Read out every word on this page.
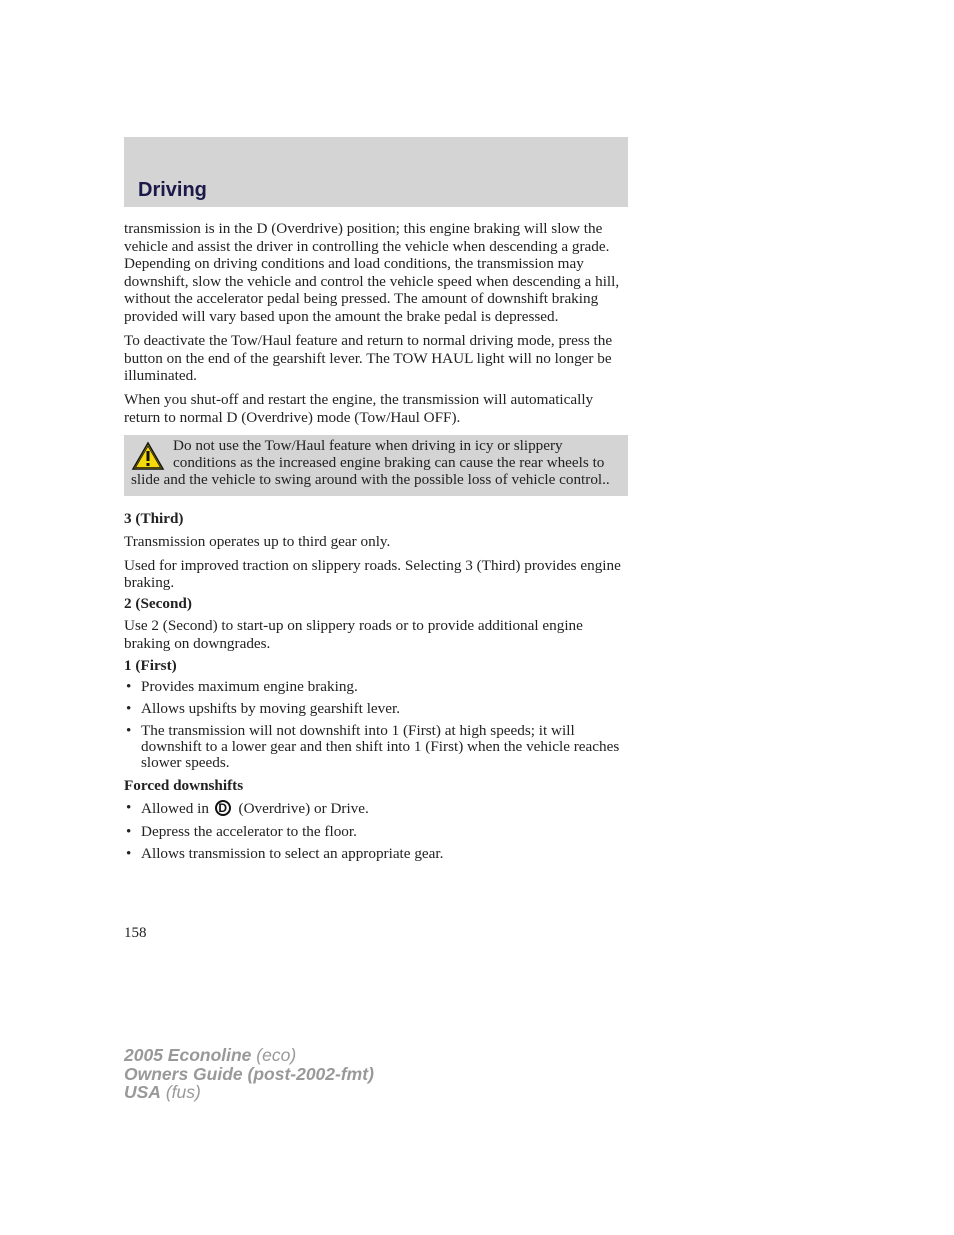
Driving

transmission is in the D (Overdrive) position; this engine braking will slow the vehicle and assist the driver in controlling the vehicle when descending a grade. Depending on driving conditions and load conditions, the transmission may downshift, slow the vehicle and control the vehicle speed when descending a hill, without the accelerator pedal being pressed. The amount of downshift braking provided will vary based upon the amount the brake pedal is depressed.

To deactivate the Tow/Haul feature and return to normal driving mode, press the button on the end of the gearshift lever. The TOW HAUL light will no longer be illuminated.

When you shut-off and restart the engine, the transmission will automatically return to normal D (Overdrive) mode (Tow/Haul OFF).

Do not use the Tow/Haul feature when driving in icy or slippery conditions as the increased engine braking can cause the rear wheels to slide and the vehicle to swing around with the possible loss of vehicle control..
3 (Third)

Transmission operates up to third gear only.

Used for improved traction on slippery roads. Selecting 3 (Third) provides engine braking.

2 (Second)

Use 2 (Second) to start-up on slippery roads or to provide additional engine braking on downgrades.

1 (First)
• Provides maximum engine braking.
• Allows upshifts by moving gearshift lever.
• The transmission will not downshift into 1 (First) at high speeds; it will downshift to a lower gear and then shift into 1 (First) when the vehicle reaches slower speeds.
Forced downshifts
• Allowed in D (Overdrive) or Drive.
• Depress the accelerator to the floor.
• Allows transmission to select an appropriate gear.
158
2005 Econoline (eco)
Owners Guide (post-2002-fmt)
USA (fus)
